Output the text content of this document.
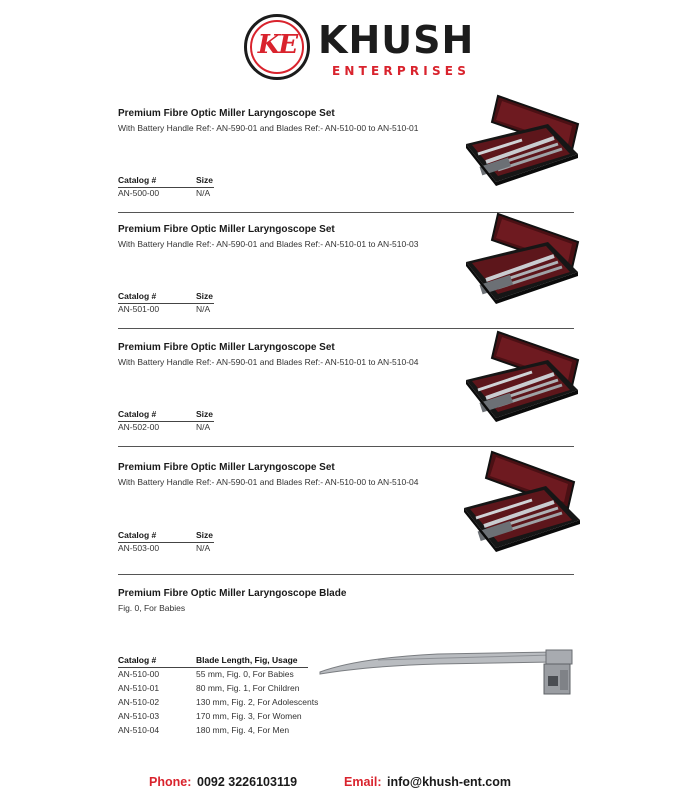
KE KHUSH
ENTERPRISES
Premium Fibre Optic Miller Laryngoscope Set
With Battery Handle Ref:- AN-590-01 and Blades Ref:- AN-510-00 to AN-510-01
Catalog #	Size
AN-500-00	N/A
Premium Fibre Optic Miller Laryngoscope Set
With Battery Handle Ref:- AN-590-01 and Blades Ref:- AN-510-01 to AN-510-03
Catalog #	Size
AN-501-00	N/A
Premium Fibre Optic Miller Laryngoscope Set
With Battery Handle Ref:- AN-590-01 and Blades Ref:- AN-510-01 to AN-510-04
Catalog #	Size
AN-502-00	N/A
Premium Fibre Optic Miller Laryngoscope Set
With Battery Handle Ref:- AN-590-01 and Blades Ref:- AN-510-00 to AN-510-04
Catalog #	Size
AN-503-00	N/A
Premium Fibre Optic Miller Laryngoscope Blade
Fig. 0, For Babies
Catalog #	Blade Length, Fig, Usage
AN-510-00	55 mm, Fig. 0, For Babies
AN-510-01	80 mm, Fig. 1, For Children
AN-510-02	130 mm, Fig. 2, For Adolescents
AN-510-03	170 mm, Fig. 3, For Women
AN-510-04	180 mm, Fig. 4, For Men
Phone: 0092 3226103119	Email: info@khush-ent.com
